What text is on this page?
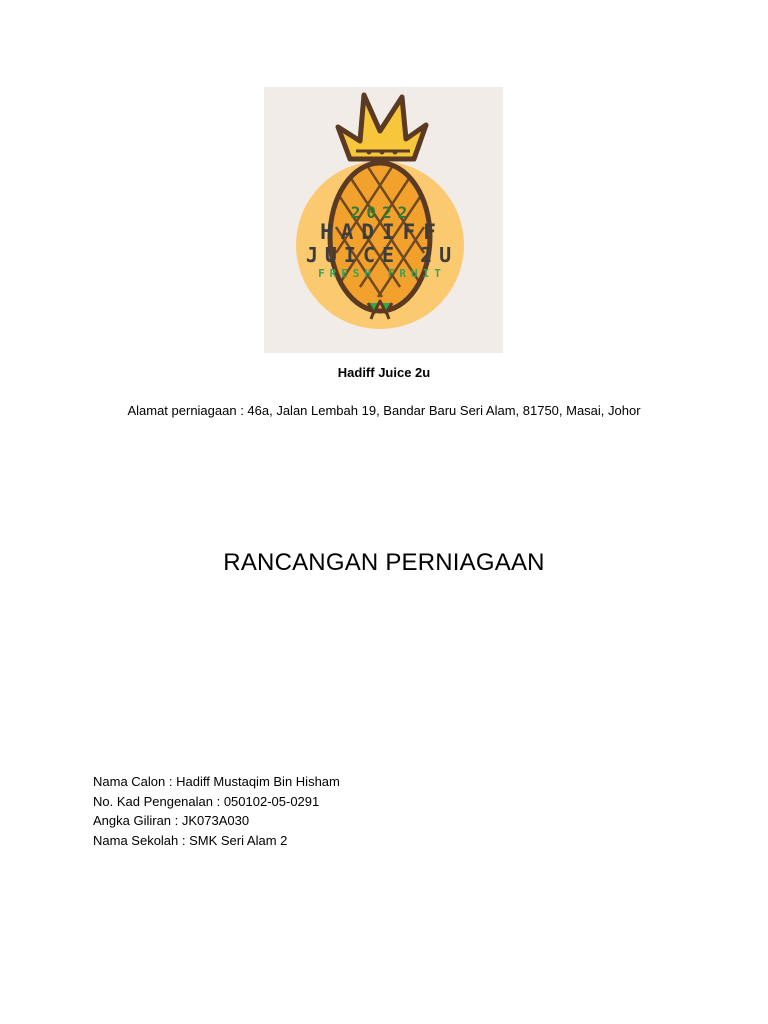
2022
HADIFF
JUICE 2U
FRESH FRUIT
Hadiff Juice 2u
Alamat perniagaan : 46a, Jalan Lembah 19, Bandar Baru Seri Alam, 81750, Masai, Johor
RANCANGAN PERNIAGAAN
Nama Calon : Hadiff Mustaqim Bin Hisham
No. Kad Pengenalan : 050102-05-0291
Angka Giliran : JK073A030
Nama Sekolah : SMK Seri Alam 2
